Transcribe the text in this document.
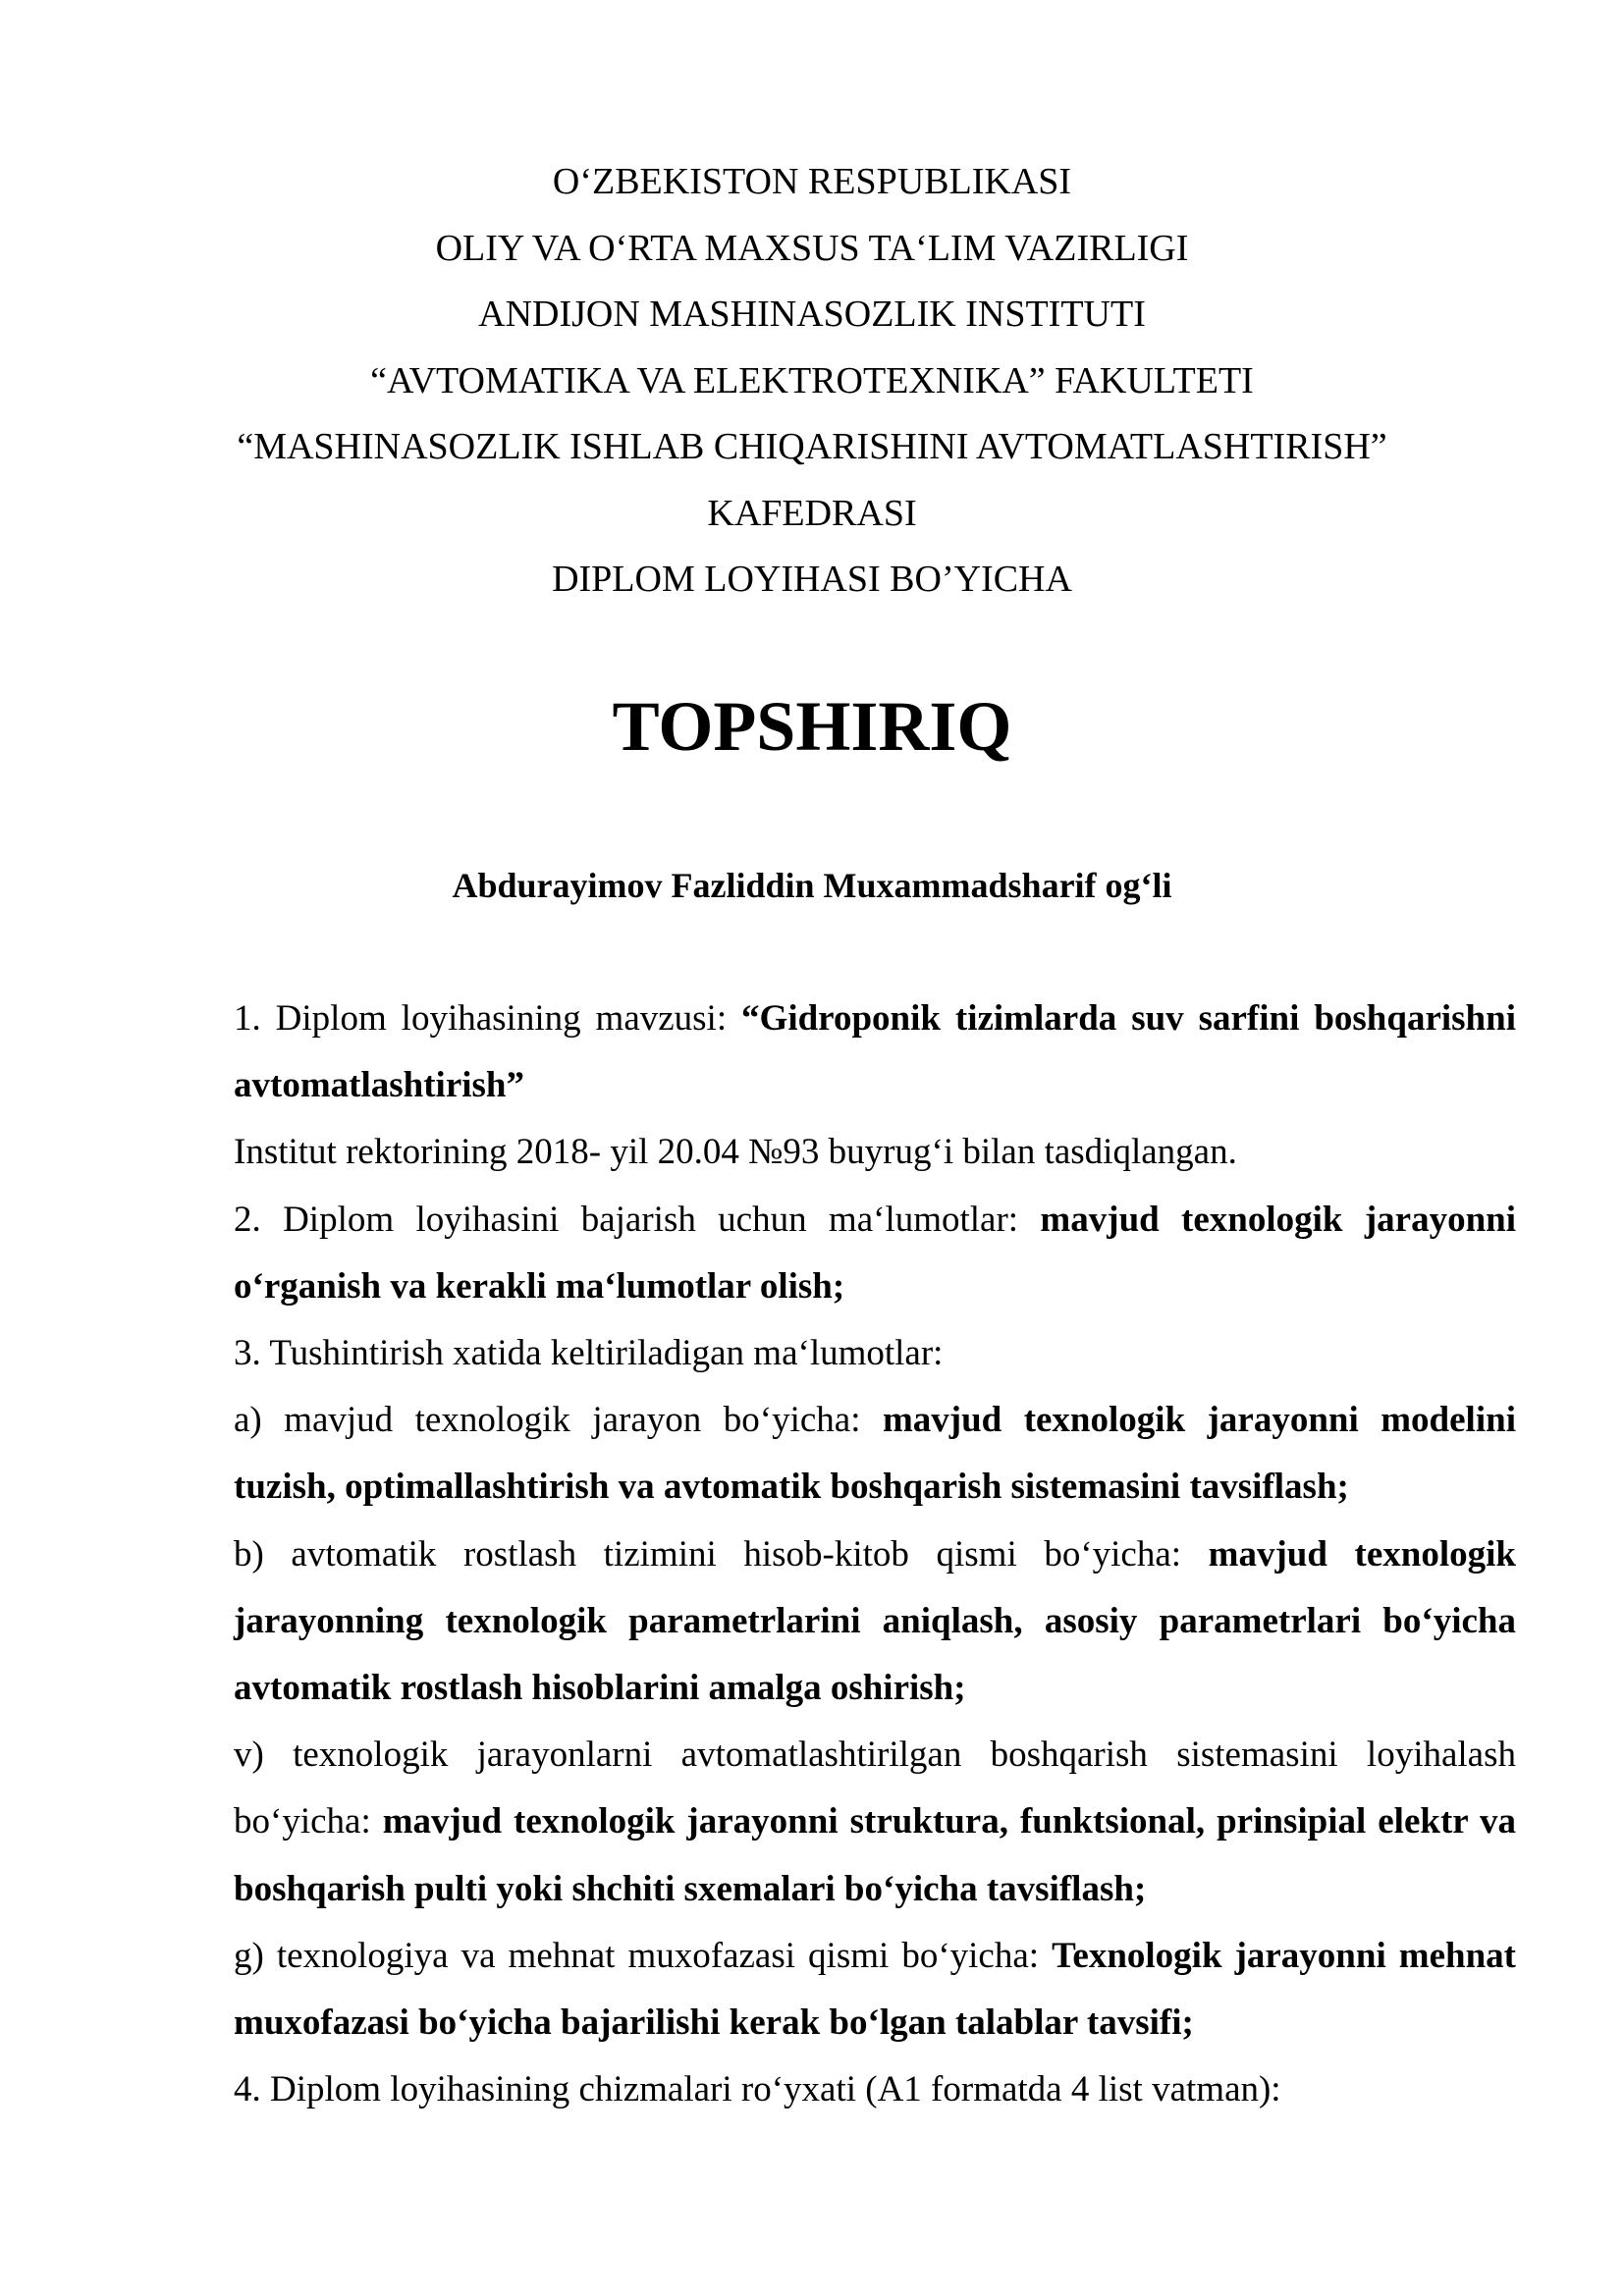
O‘ZBEKISTON RESPUBLIKASI
OLIY VA O‘RTA MAXSUS TA‘LIM VAZIRLIGI
ANDIJON MASHINASOZLIK INSTITUTI
“AVTOMATIKA VA ELEKTROTEXNIKA” FAKULTETI
“MASHINASOZLIK ISHLAB CHIQARISHINI AVTOMATLASHTIRISH”
KAFEDRASI
DIPLOM LOYIHASI BO’YICHA
TOPSHIRIQ
Abdurayimov Fazliddin Muxammadsharif og‘li

1. Diplom loyihasining mavzusi: “Gidroponik tizimlarda suv sarfini boshqarishni avtomatlashtirish”

Institut rektorining 2018- yil 20.04 №93 buyrug‘i bilan tasdiqlangan.

2. Diplom loyihasini bajarish uchun ma‘lumotlar: mavjud texnologik jarayonni o‘rganish va kerakli ma‘lumotlar olish;

3. Tushintirish xatida keltiriladigan ma‘lumotlar:

a) mavjud texnologik jarayon bo‘yicha: mavjud texnologik jarayonni modelini tuzish, optimallashtirish va avtomatik boshqarish sistemasini tavsiflash;

b) avtomatik rostlash tizimini hisob-kitob qismi bo‘yicha: mavjud texnologik jarayonning texnologik parametrlarini aniqlash, asosiy parametrlari bo‘yicha avtomatik rostlash hisoblarini amalga oshirish;

v) texnologik jarayonlarni avtomatlashtirilgan boshqarish sistemasini loyihalash bo‘yicha: mavjud texnologik jarayonni struktura, funktsional, prinsipial elektr va boshqarish pulti yoki shchiti sxemalari bo‘yicha tavsiflash;

g) texnologiya va mehnat muxofazasi qismi bo‘yicha: Texnologik jarayonni mehnat muxofazasi bo‘yicha bajarilishi kerak bo‘lgan talablar tavsifi;

4. Diplom loyihasining chizmalari ro‘yxati (A1 formatda 4 list vatman):
